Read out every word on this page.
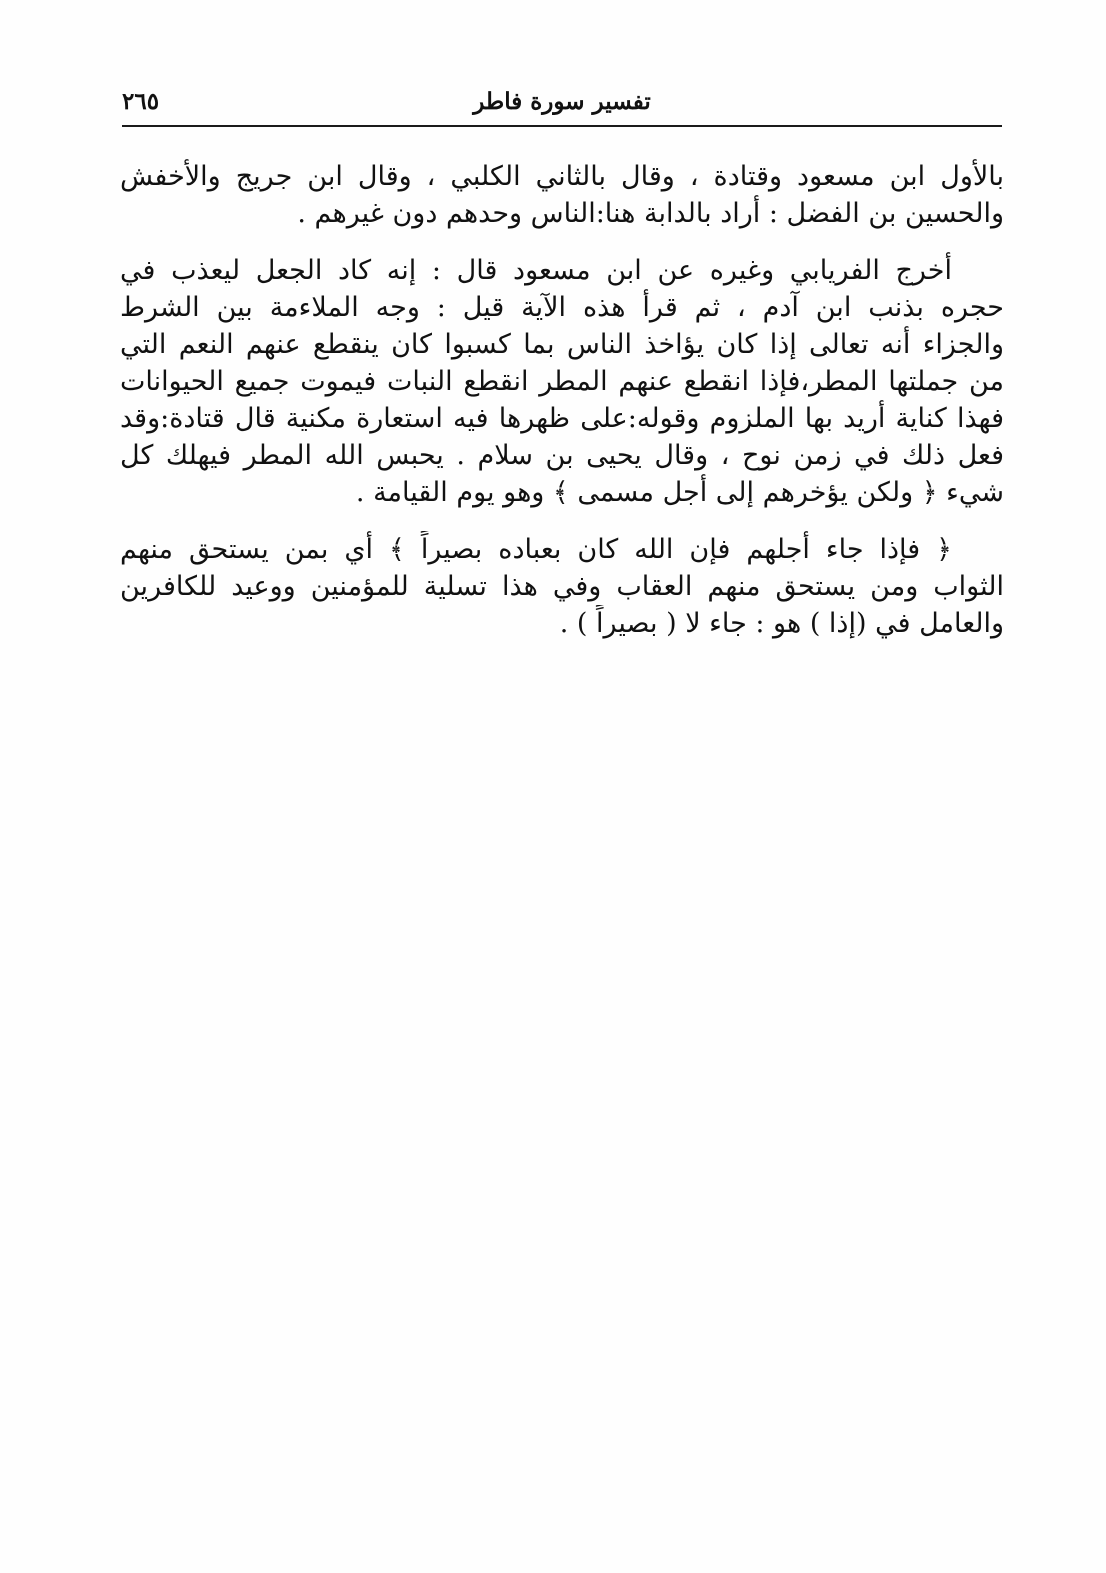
٢٦٥	تفسير سورة فاطر
بالأول ابن مسعود وقتادة ، وقال بالثاني الكلبي ، وقال ابن جريج والأخفش
والحسين بن الفضل : أراد بالدابة هنا:الناس وحدهم دون غيرهم .
أخرج الفريابي وغيره عن ابن مسعود قال : إنه كاد الجعل ليعذب في
حجره بذنب ابن آدم ، ثم قرأ هذه الآية قيل : وجه الملاءمة بين الشرط
والجزاء أنه تعالى إذا كان يؤاخذ الناس بما كسبوا كان ينقطع عنهم النعم التي
من جملتها المطر،فإذا انقطع عنهم المطر انقطع النبات فيموت جميع الحيوانات
فهذا كناية أريد بها الملزوم وقوله:على ظهرها فيه استعارة مكنية قال قتادة:وقد
فعل ذلك في زمن نوح ، وقال يحيى بن سلام . يحبس الله المطر فيهلك كل
شيء ﴿ ولكن يؤخرهم إلى أجل مسمى ﴾ وهو يوم القيامة .
﴿ فإذا جاء أجلهم فإن الله كان بعباده بصيراً ﴾ أي بمن يستحق منهم
الثواب ومن يستحق منهم العقاب وفي هذا تسلية للمؤمنين ووعيد للكافرين
والعامل في (إذا ) هو : جاء لا ( بصيراً ) .
